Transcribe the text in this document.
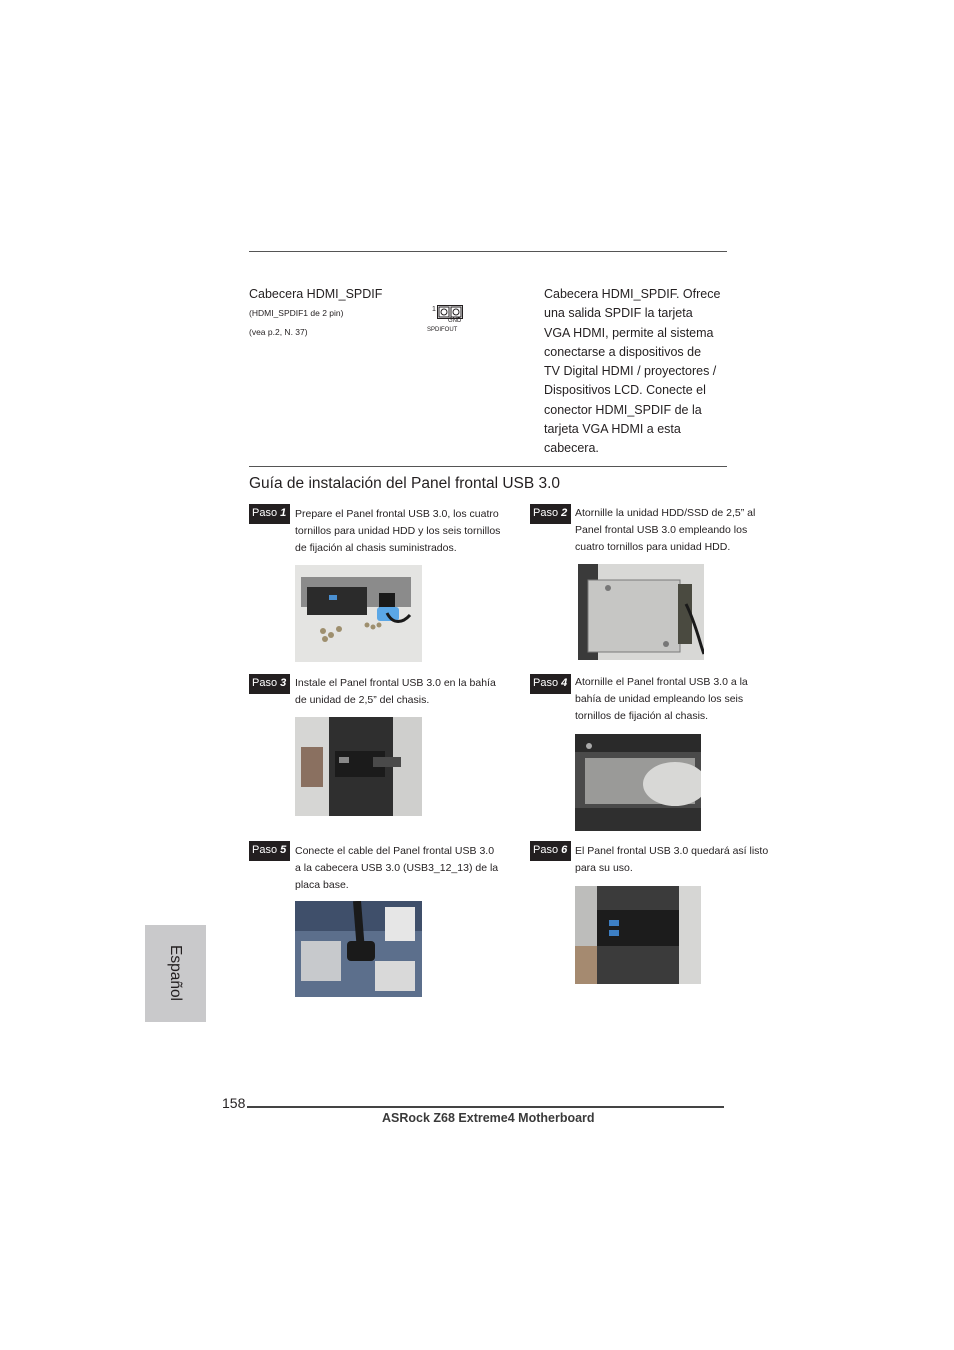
Cabecera HDMI_SPDIF
(HDMI_SPDIF1 de 2 pin)
(vea p.2, N. 37)
1
GND
SPDIFOUT
Cabecera HDMI_SPDIF. Ofrece
una salida SPDIF la tarjeta
VGA HDMI, permite al sistema
conectarse a dispositivos de
TV Digital HDMI / proyectores /
Dispositivos LCD. Conecte el
conector HDMI_SPDIF de la
tarjeta VGA HDMI a esta
cabecera.
Guía de instalación del Panel frontal USB 3.0
Paso 1 Prepare el Panel frontal USB 3.0, los cuatro
tornillos para unidad HDD y los seis tornillos
de fijación al chasis suministrados.
Paso 2 Atornille la unidad HDD/SSD de 2,5” al
Panel frontal USB 3.0 empleando los
cuatro tornillos para unidad HDD.
Paso 3 Instale el Panel frontal USB 3.0 en la bahía
de unidad de 2,5” del chasis.
Paso 4 Atornille el Panel frontal USB 3.0 a la
bahía de unidad empleando los seis
tornillos de fijación al chasis.
Paso 5 Conecte el cable del Panel frontal USB 3.0
a la cabecera USB 3.0 (USB3_12_13) de la
placa base.
Paso 6 El Panel frontal USB 3.0 quedará así listo
para su uso.
Español
158
ASRock Z68 Extreme4 Motherboard
